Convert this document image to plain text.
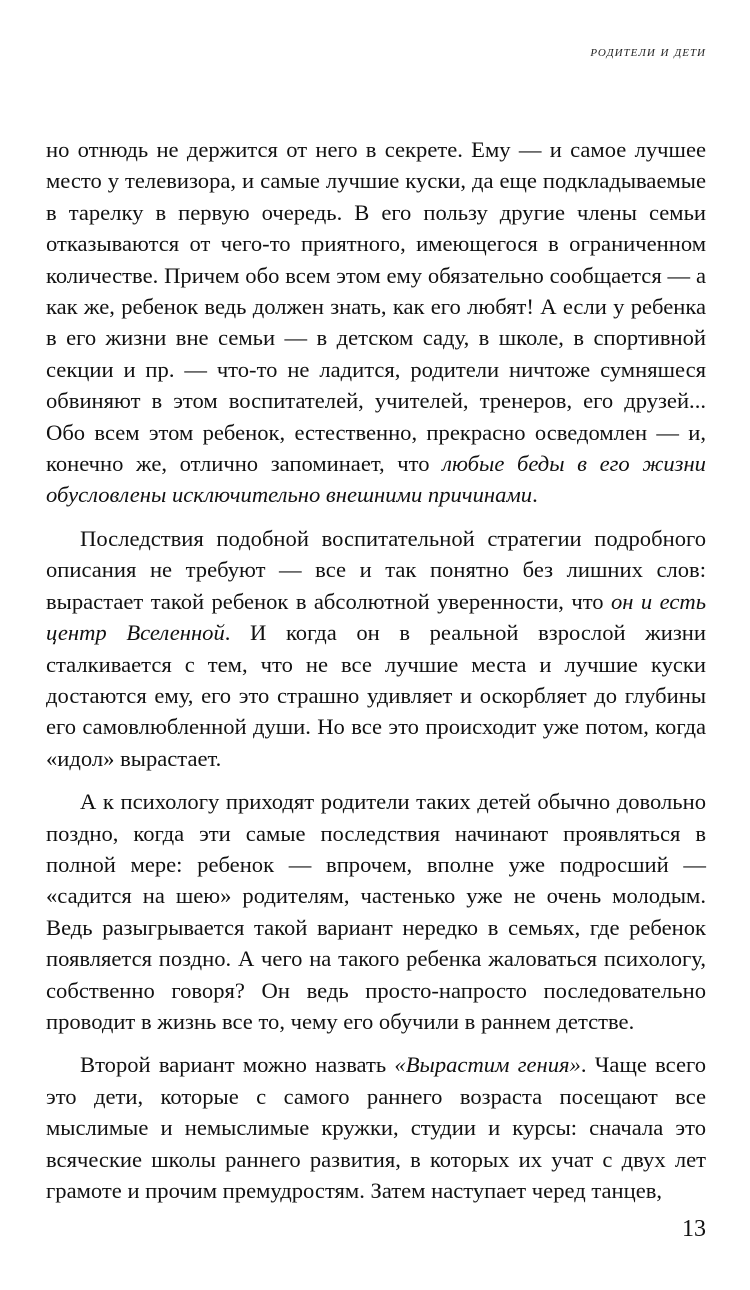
родители и дети

но отнюдь не держится от него в секрете. Ему — и самое лучшее место у телевизора, и самые лучшие куски, да еще подкладываемые в тарелку в первую очередь. В его пользу другие члены семьи отказываются от чего-то приятного, имеющегося в ограниченном количестве. Причем обо всем этом ему обязательно сообщается — а как же, ребенок ведь должен знать, как его любят! А если у ребенка в его жизни вне семьи — в детском саду, в школе, в спортивной секции и пр. — что-то не ладится, родители ничтоже сумняшеся обвиняют в этом воспитателей, учителей, тренеров, его друзей... Обо всем этом ребенок, естественно, прекрасно осведомлен — и, конечно же, отлично запоминает, что любые беды в его жизни обусловлены исключительно внешними причинами.

Последствия подобной воспитательной стратегии подробного описания не требуют — все и так понятно без лишних слов: вырастает такой ребенок в абсолютной уверенности, что он и есть центр Вселенной. И когда он в реальной взрослой жизни сталкивается с тем, что не все лучшие места и лучшие куски достаются ему, его это страшно удивляет и оскорбляет до глубины его самовлюбленной души. Но все это происходит уже потом, когда «идол» вырастает.

А к психологу приходят родители таких детей обычно довольно поздно, когда эти самые последствия начинают проявляться в полной мере: ребенок — впрочем, вполне уже подросший — «садится на шею» родителям, частенько уже не очень молодым. Ведь разыгрывается такой вариант нередко в семьях, где ребенок появляется поздно. А чего на такого ребенка жаловаться психологу, собственно говоря? Он ведь просто-напросто последовательно проводит в жизнь все то, чему его обучили в раннем детстве.

Второй вариант можно назвать «Вырастим гения». Чаще всего это дети, которые с самого раннего возраста посещают все мыслимые и немыслимые кружки, студии и курсы: сначала это всяческие школы раннего развития, в которых их учат с двух лет грамоте и прочим премудростям. Затем наступает черед танцев,

13
